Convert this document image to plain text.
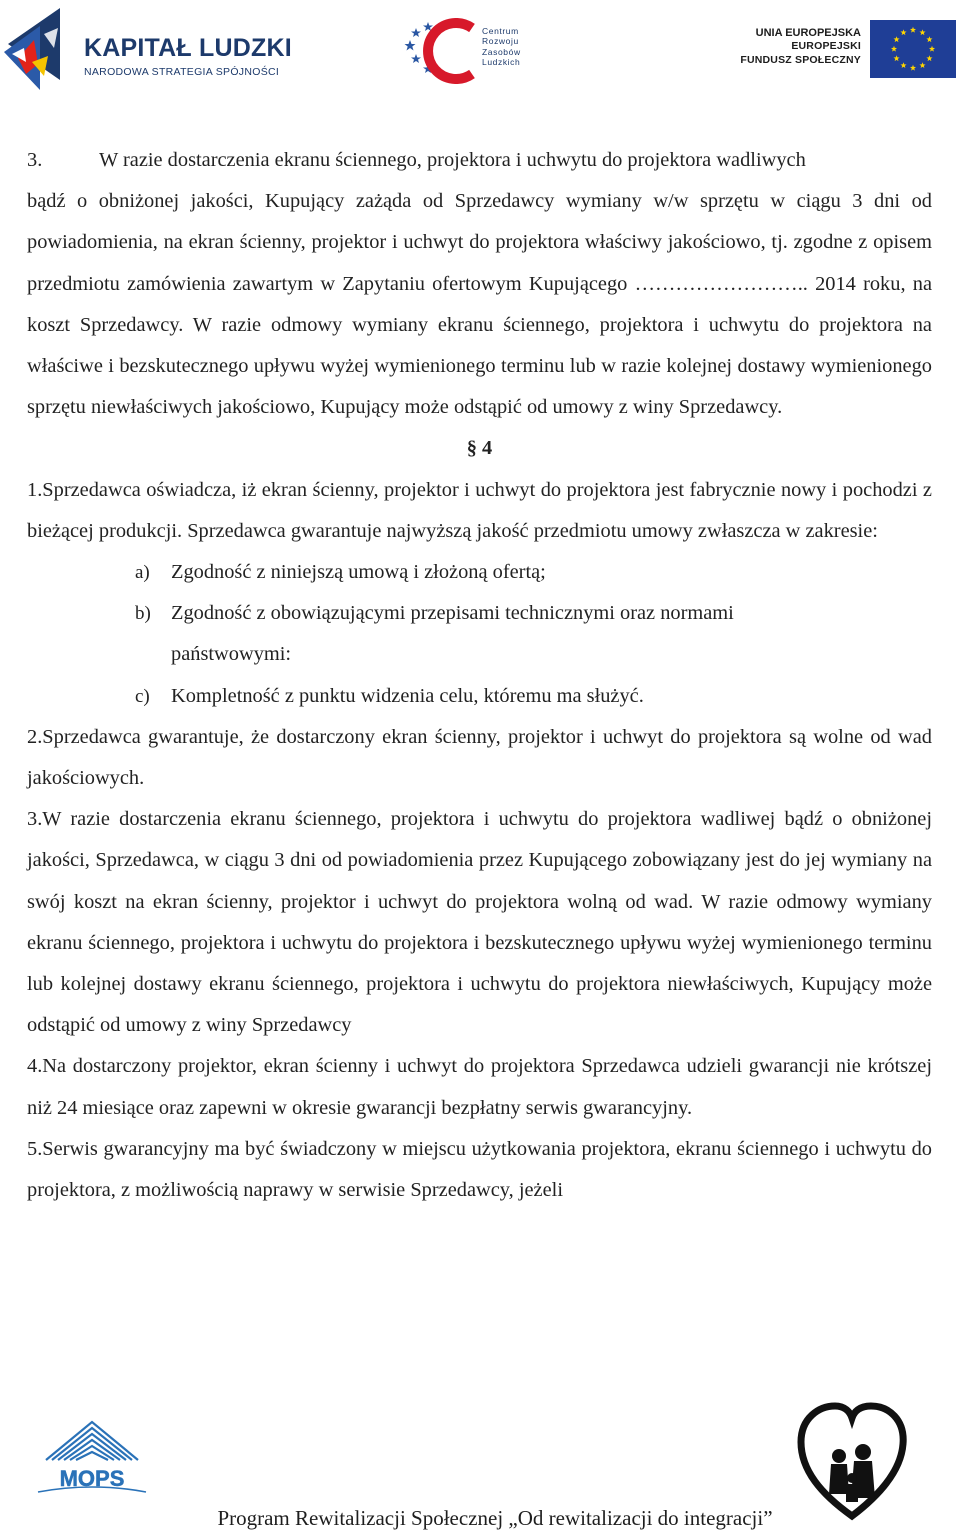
KAPITAŁ LUDZKI
NARODOWA STRATEGIA SPÓJNOŚCI
Centrum
Rozwoju
Zasobów
Ludzkich
UNIA EUROPEJSKA
EUROPEJSKI
FUNDUSZ SPOŁECZNY
3.	W razie dostarczenia ekranu ściennego, projektora i uchwytu do projektora wadliwych
bądź o obniżonej jakości, Kupujący zażąda od Sprzedawcy wymiany w/w sprzętu w ciągu 3 dni od powiadomienia, na ekran ścienny, projektor i uchwyt do projektora właściwy jakościowo, tj. zgodne z opisem przedmiotu zamówienia zawartym w Zapytaniu ofertowym Kupującego …………………….. 2014 roku, na koszt Sprzedawcy. W razie odmowy wymiany ekranu ściennego, projektora i uchwytu do projektora na właściwe i bezskutecznego upływu wyżej wymienionego terminu lub w razie kolejnej dostawy wymienionego sprzętu niewłaściwych jakościowo, Kupujący może odstąpić od umowy z winy Sprzedawcy.
§ 4
1.Sprzedawca oświadcza, iż ekran ścienny, projektor i uchwyt do projektora jest fabrycznie nowy i pochodzi z bieżącej produkcji. Sprzedawca gwarantuje najwyższą jakość przedmiotu umowy zwłaszcza w zakresie:
a)	Zgodność z niniejszą umową i złożoną ofertą;
b) Zgodność z obowiązującymi przepisami technicznymi oraz normami państwowymi:
c)	Kompletność z punktu widzenia celu, któremu ma służyć.
2.Sprzedawca gwarantuje, że dostarczony ekran ścienny, projektor i uchwyt do projektora są wolne od wad jakościowych.
3.W razie dostarczenia ekranu ściennego, projektora i uchwytu do projektora wadliwej bądź o obniżonej jakości, Sprzedawca, w ciągu 3 dni od powiadomienia przez Kupującego zobowiązany jest do jej wymiany na swój koszt na ekran ścienny, projektor i uchwyt do projektora wolną od wad. W razie odmowy wymiany ekranu ściennego, projektora i uchwytu do projektora i bezskutecznego upływu wyżej wymienionego terminu lub kolejnej dostawy ekranu ściennego, projektora i uchwytu do projektora niewłaściwych, Kupujący może odstąpić od umowy z winy Sprzedawcy
4.Na dostarczony projektor, ekran ścienny i uchwyt do projektora Sprzedawca udzieli gwarancji nie krótszej niż 24 miesiące oraz zapewni w okresie gwarancji bezpłatny serwis gwarancyjny.
5.Serwis gwarancyjny ma być świadczony w miejscu użytkowania projektora, ekranu ściennego i uchwytu do projektora, z możliwością naprawy w serwisie Sprzedawcy, jeżeli
MOPS
Program Rewitalizacji Społecznej „Od rewitalizacji do integracji”
